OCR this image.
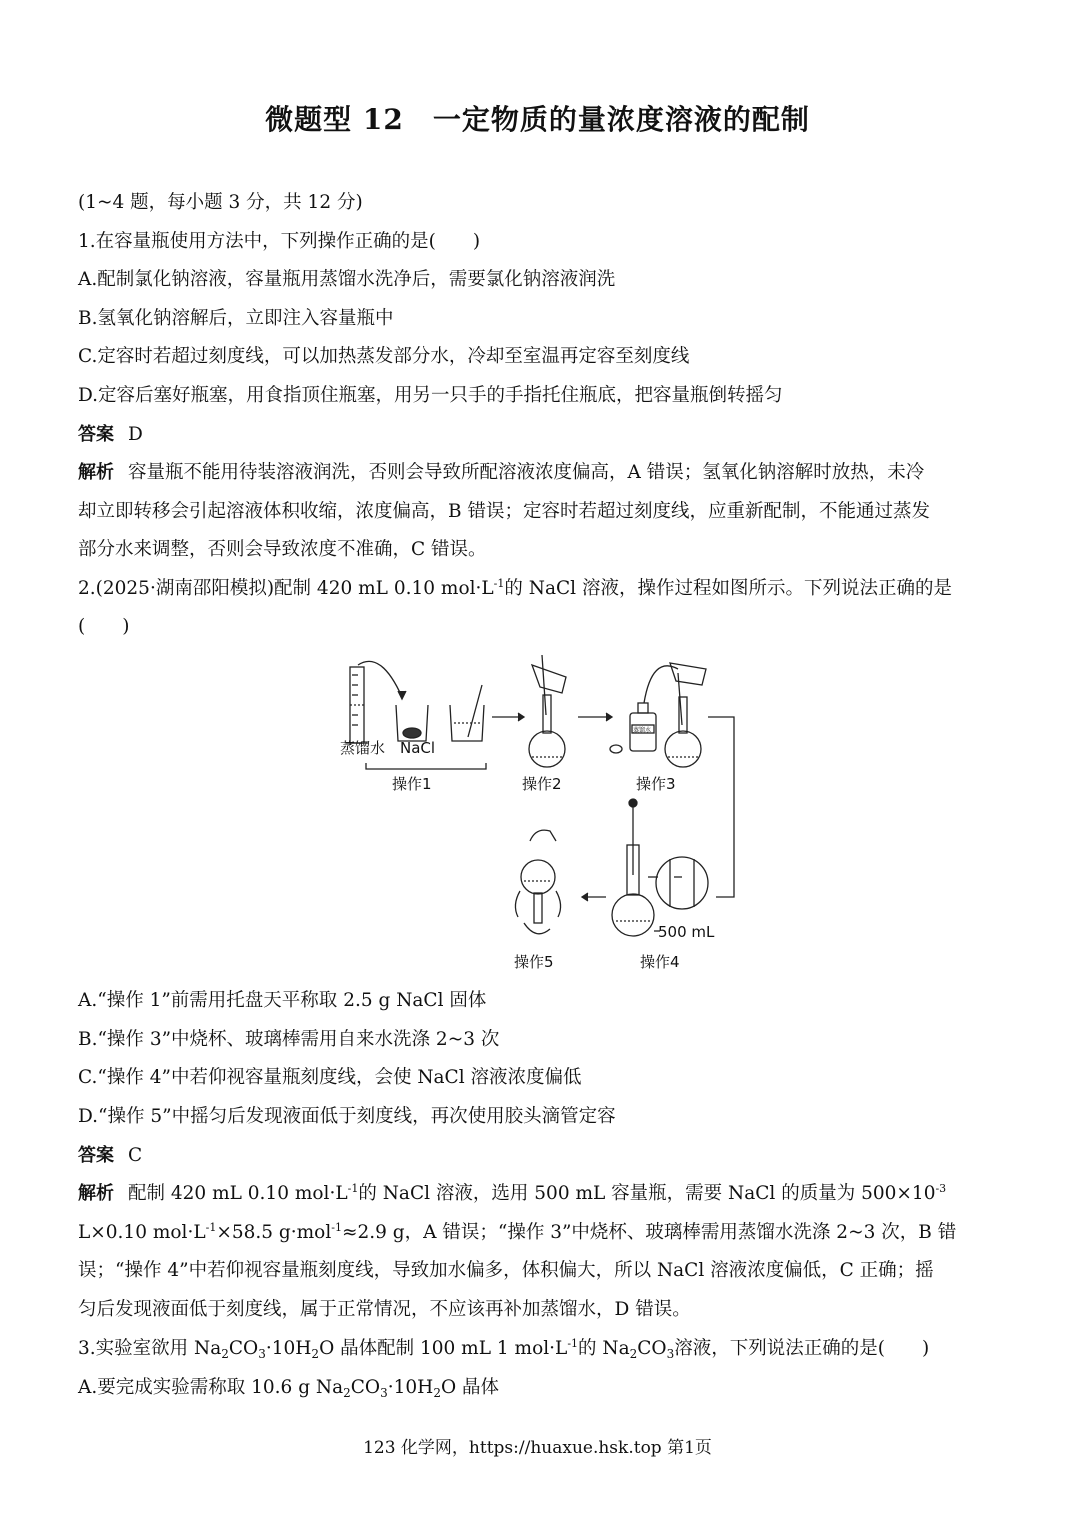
微题型 12　一定物质的量浓度溶液的配制
(1~4 题，每小题 3 分，共 12 分)
1.在容量瓶使用方法中，下列操作正确的是(　　)
A.配制氯化钠溶液，容量瓶用蒸馏水洗净后，需要氯化钠溶液润洗
B.氢氧化钠溶解后，立即注入容量瓶中
C.定容时若超过刻度线，可以加热蒸发部分水，冷却至室温再定容至刻度线
D.定容后塞好瓶塞，用食指顶住瓶塞，用另一只手的手指托住瓶底，把容量瓶倒转摇匀
答案 D
解析 容量瓶不能用待装溶液润洗，否则会导致所配溶液浓度偏高，A 错误；氢氧化钠溶解时放热，未冷
却立即转移会引起溶液体积收缩，浓度偏高，B 错误；定容时若超过刻度线，应重新配制，不能通过蒸发
部分水来调整，否则会导致浓度不准确，C 错误。
2.(2025·湖南邵阳模拟)配制 420 mL 0.10 $mol\cdot L^{-1}$的 NaCl 溶液，操作过程如图所示。下列说法正确的是
(　　)
蒸馏水 NaCl
操作1	操作2
蒸馏水
操作3
500 mL
操作4
操作5
A.“操作 1”前需用托盘天平称取 2.5 g NaCl 固体
B.“操作 3”中烧杯、玻璃棒需用自来水洗涤 2~3 次
C.“操作 4”中若仰视容量瓶刻度线，会使 NaCl 溶液浓度偏低
D.“操作 5”中摇匀后发现液面低于刻度线，再次使用胶头滴管定容
答案 C
解析 配制 420 mL 0.10 $mol\cdot L^{-1}$的 NaCl 溶液，选用 500 mL 容量瓶，需要 NaCl 的质量为 $500\times 10^{-3}$
L×0.10 $mol\cdot L^{-1}\times 58.5$ g·mol$^{-1}$≈2.9 g，A 错误；“操作 3”中烧杯、玻璃棒需用蒸馏水洗涤 2~3 次，B 错
误；“操作 4”中若仰视容量瓶刻度线，导致加水偏多，体积偏大，所以 NaCl 溶液浓度偏低，C 正确；摇
匀后发现液面低于刻度线，属于正常情况，不应该再补加蒸馏水，D 错误。
3.实验室欲用 $Na_2CO_3\cdot 10H_2O$ 晶体配制 100 mL 1 $mol\cdot L^{-1}$的 $Na_2CO_3$溶液，下列说法正确的是(　　)
A.要完成实验需称取 10.6 g $Na_2CO_3\cdot 10H_2O$ 晶体
123 化学网，https://huaxue.hsk.top 第1页
